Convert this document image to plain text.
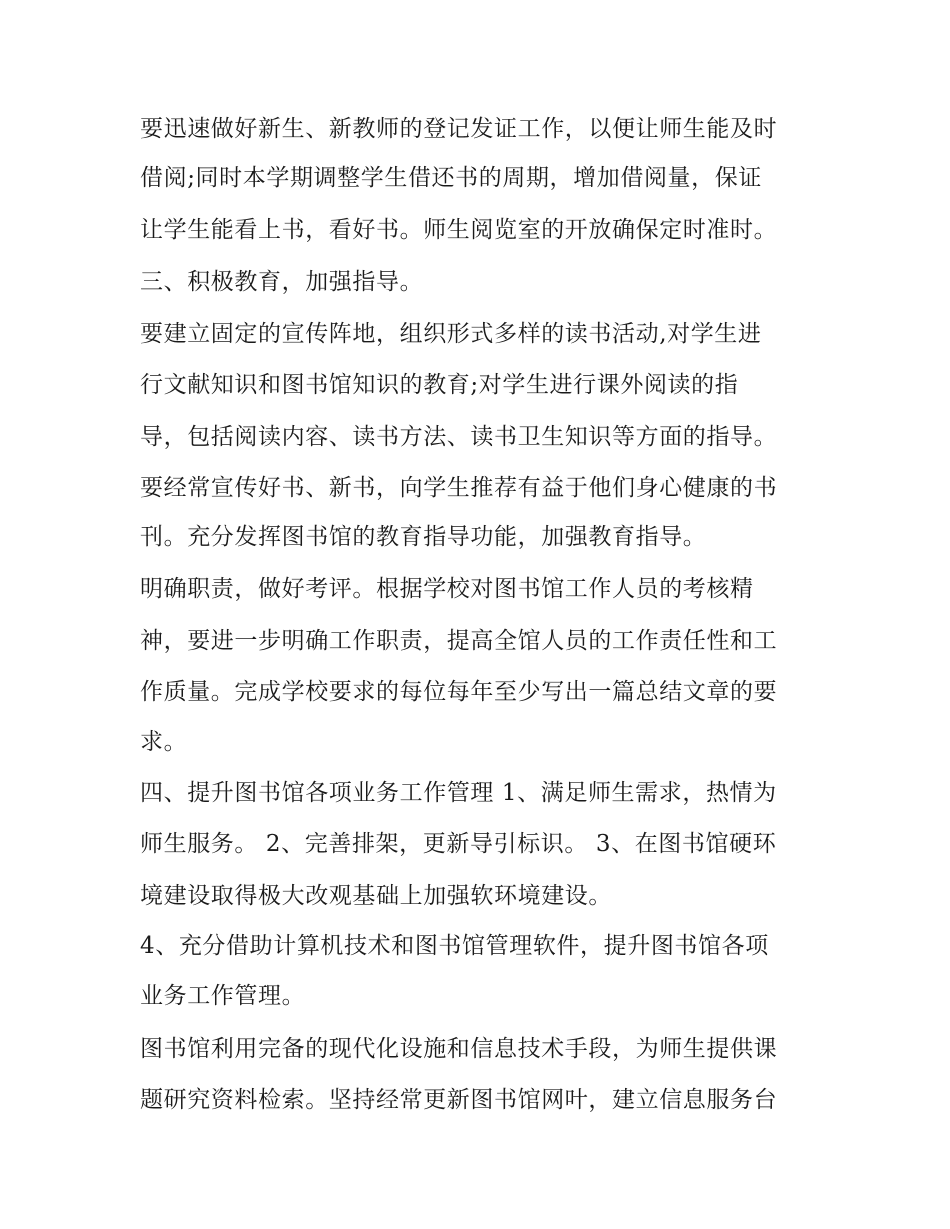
要迅速做好新生、新教师的登记发证工作，以便让师生能及时
借阅;同时本学期调整学生借还书的周期，增加借阅量，保证
让学生能看上书，看好书。师生阅览室的开放确保定时准时。
三、积极教育，加强指导。
要建立固定的宣传阵地，组织形式多样的读书活动,对学生进
行文献知识和图书馆知识的教育;对学生进行课外阅读的指
导，包括阅读内容、读书方法、读书卫生知识等方面的指导。
要经常宣传好书、新书，向学生推荐有益于他们身心健康的书
刊。充分发挥图书馆的教育指导功能，加强教育指导。
明确职责，做好考评。根据学校对图书馆工作人员的考核精
神，要进一步明确工作职责，提高全馆人员的工作责任性和工
作质量。完成学校要求的每位每年至少写出一篇总结文章的要
求。
四、提升图书馆各项业务工作管理 1、满足师生需求，热情为
师生服务。 2、完善排架，更新导引标识。 3、在图书馆硬环
境建设取得极大改观基础上加强软环境建设。
4、充分借助计算机技术和图书馆管理软件，提升图书馆各项
业务工作管理。
图书馆利用完备的现代化设施和信息技术手段，为师生提供课
题研究资料检索。坚持经常更新图书馆网叶，建立信息服务台
